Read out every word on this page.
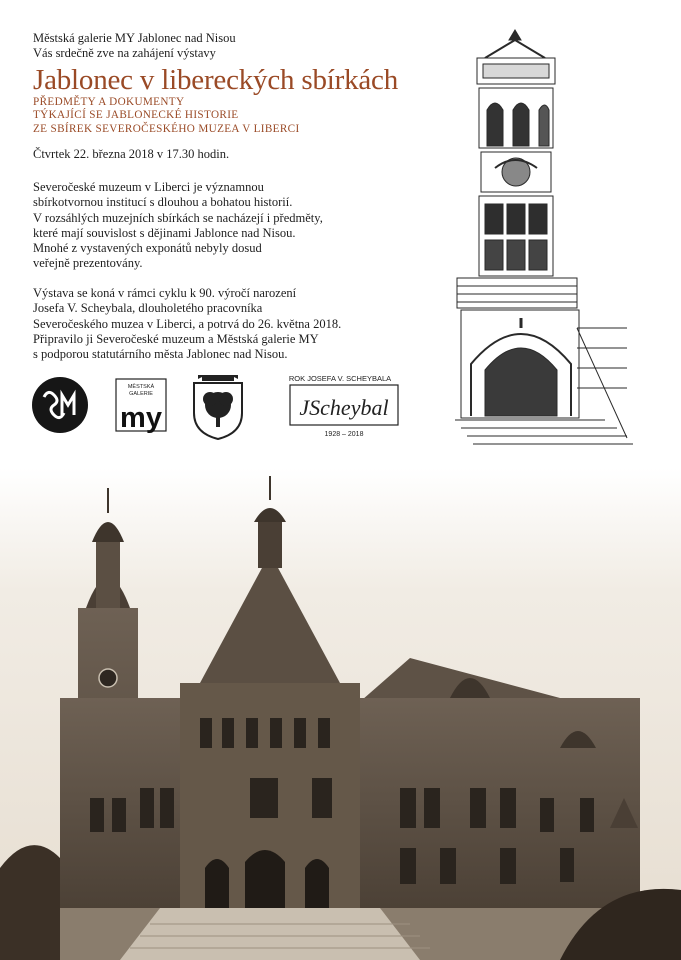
Městská galerie MY Jablonec nad Nisou
Vás srdečně zve na zahájení výstavy
Jablonec v libereckých sbírkách
PŘEDMĚTY A DOKUMENTY
TÝKAJÍCÍ SE JABLONECKÉ HISTORIE
ZE SBÍREK SEVEROČESKÉHO MUZEA V LIBERCI
Čtvrtek 22. března 2018 v 17.30 hodin.
Severočeské muzeum v Liberci je významnou
sbírkotvornou institucí s dlouhou a bohatou historií.
V rozsáhlých muzejních sbírkách se nacházejí i předměty,
které mají souvislost s dějinami Jablonce nad Nisou.
Mnohé z vystavených exponátů nebyly dosud
veřejně prezentovány.
Výstava se koná v rámci cyklu k 90. výročí narození
Josefa V. Scheybala, dlouholetého pracovníka
Severočeského muzea v Liberci, a potrvá do 26. května 2018.
Připravilo ji Severočeské muzeum a Městská galerie MY
s podporou statutárního města Jablonec nad Nisou.
MĚSTSKÁ
GALERIE
my
ROK JOSEFA V. SCHEYBALA
JScheybal
1928 – 2018
